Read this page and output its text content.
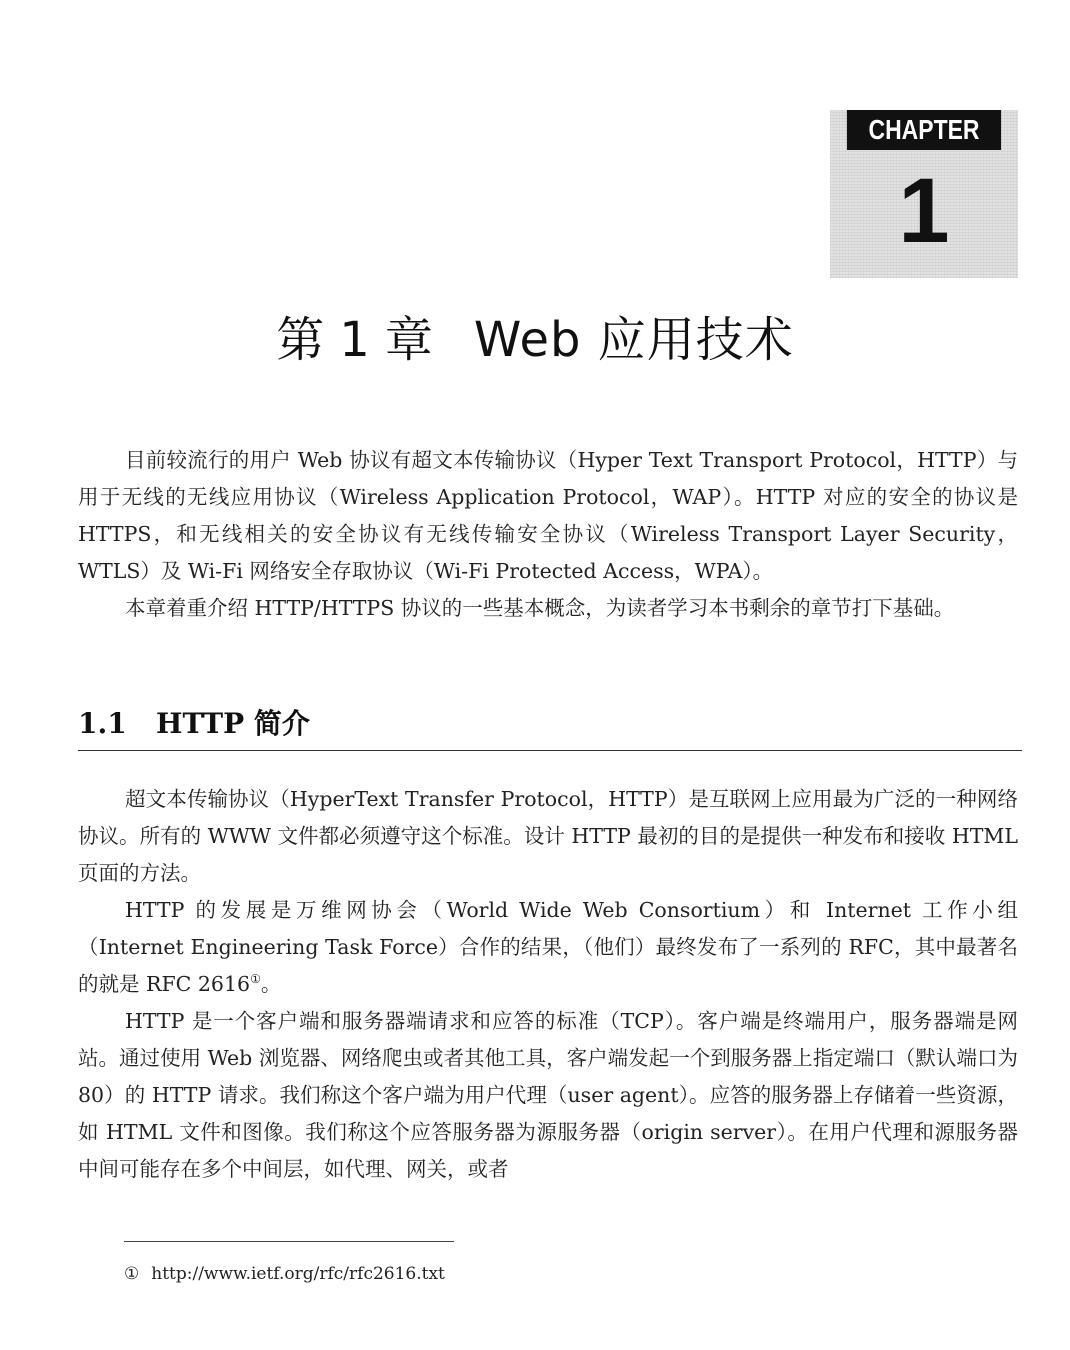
CHAPTER
1
第 1 章 Web 应用技术

目前较流行的用户 Web 协议有超文本传输协议（Hyper Text Transport Protocol，HTTP）与用于无线的无线应用协议（Wireless Application Protocol，WAP）。HTTP 对应的安全的协议是 HTTPS，和无线相关的安全协议有无线传输安全协议（Wireless Transport Layer Security，WTLS）及 Wi-Fi 网络安全存取协议（Wi-Fi Protected Access，WPA）。

本章着重介绍 HTTP/HTTPS 协议的一些基本概念，为读者学习本书剩余的章节打下基础。

1.1 HTTP 简介

超文本传输协议（HyperText Transfer Protocol，HTTP）是互联网上应用最为广泛的一种网络协议。所有的 WWW 文件都必须遵守这个标准。设计 HTTP 最初的目的是提供一种发布和接收 HTML 页面的方法。

HTTP 的发展是万维网协会（World Wide Web Consortium）和 Internet 工作小组（Internet Engineering Task Force）合作的结果，（他们）最终发布了一系列的 RFC，其中最著名的就是 RFC 2616①。

HTTP 是一个客户端和服务器端请求和应答的标准（TCP）。客户端是终端用户，服务器端是网站。通过使用 Web 浏览器、网络爬虫或者其他工具，客户端发起一个到服务器上指定端口（默认端口为 80）的 HTTP 请求。我们称这个客户端为用户代理（user agent）。应答的服务器上存储着一些资源，如 HTML 文件和图像。我们称这个应答服务器为源服务器（origin server）。在用户代理和源服务器中间可能存在多个中间层，如代理、网关，或者

① http://www.ietf.org/rfc/rfc2616.txt
